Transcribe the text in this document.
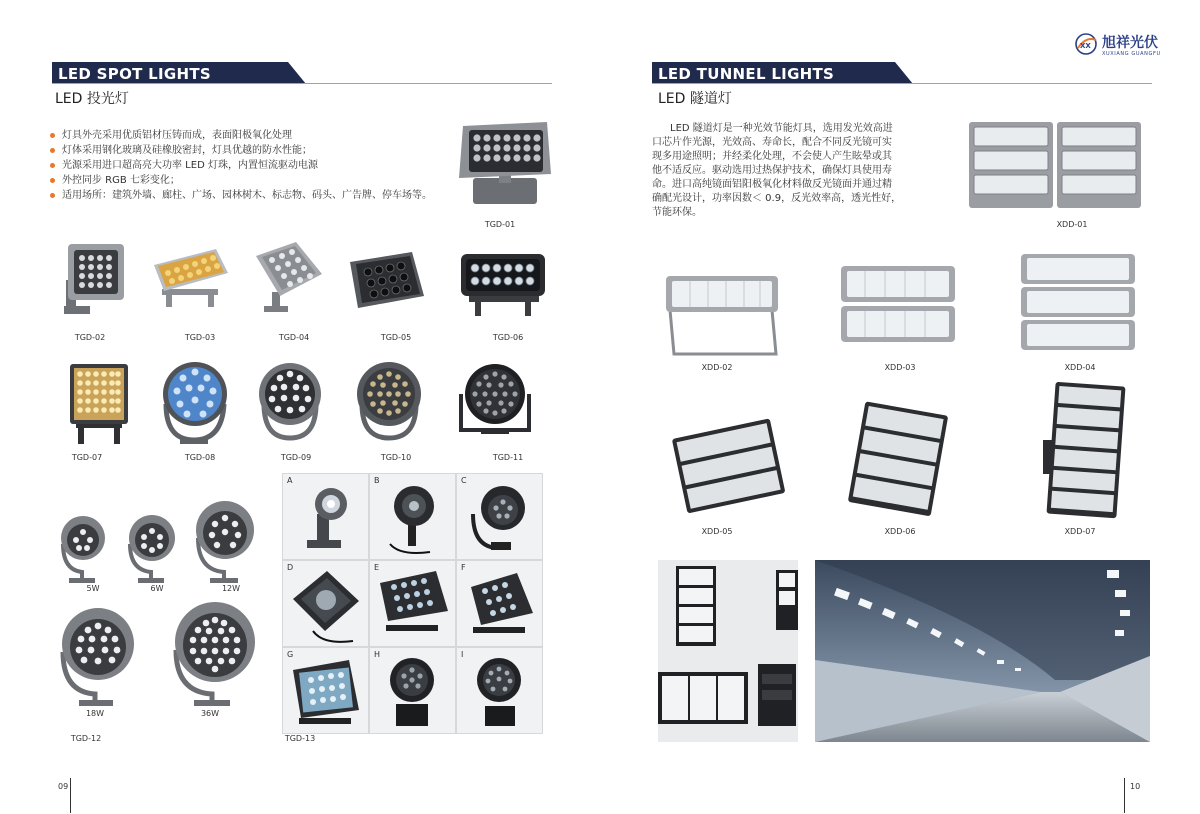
LED SPOT LIGHTS
LED 投光灯
灯具外壳采用优质铝材压铸而成，表面阳极氧化处理
灯体采用钢化玻璃及硅橡胶密封，灯具优越的防水性能；
光源采用进口超高亮大功率 LED 灯珠，内置恒流驱动电源
外控同步 RGB 七彩变化；
适用场所：建筑外墙、廊柱、广场、园林树木、标志物、码头、广告牌、停车场等。
TGD-01
TGD-02	TGD-03	TGD-04	TGD-05	TGD-06
TGD-07	TGD-08	TGD-09	TGD-10	TGD-11
5W	6W	12W
18W	36W
TGD-12
A	B	C
D	E	F
G	H	I
TGD-13
09
XX 旭祥光伏
XUXIANG GUANGFU
LED TUNNEL LIGHTS
LED 隧道灯
LED 隧道灯是一种光效节能灯具，选用发光效高进
口芯片作光源，光效高、寿命长，配合不同反光镜可实
现多用途照明；并经柔化处理，不会使人产生眩晕或其
他不适反应。驱动选用过热保护技术，确保灯具使用寿
命。进口高纯镜面铝阳极氧化材料做反光镜面并通过精
确配光设计，功率因数＜ 0.9，反光效率高，透光性好，
节能环保。
XDD-01
XDD-02	XDD-03	XDD-04
XDD-05	XDD-06	XDD-07
10
